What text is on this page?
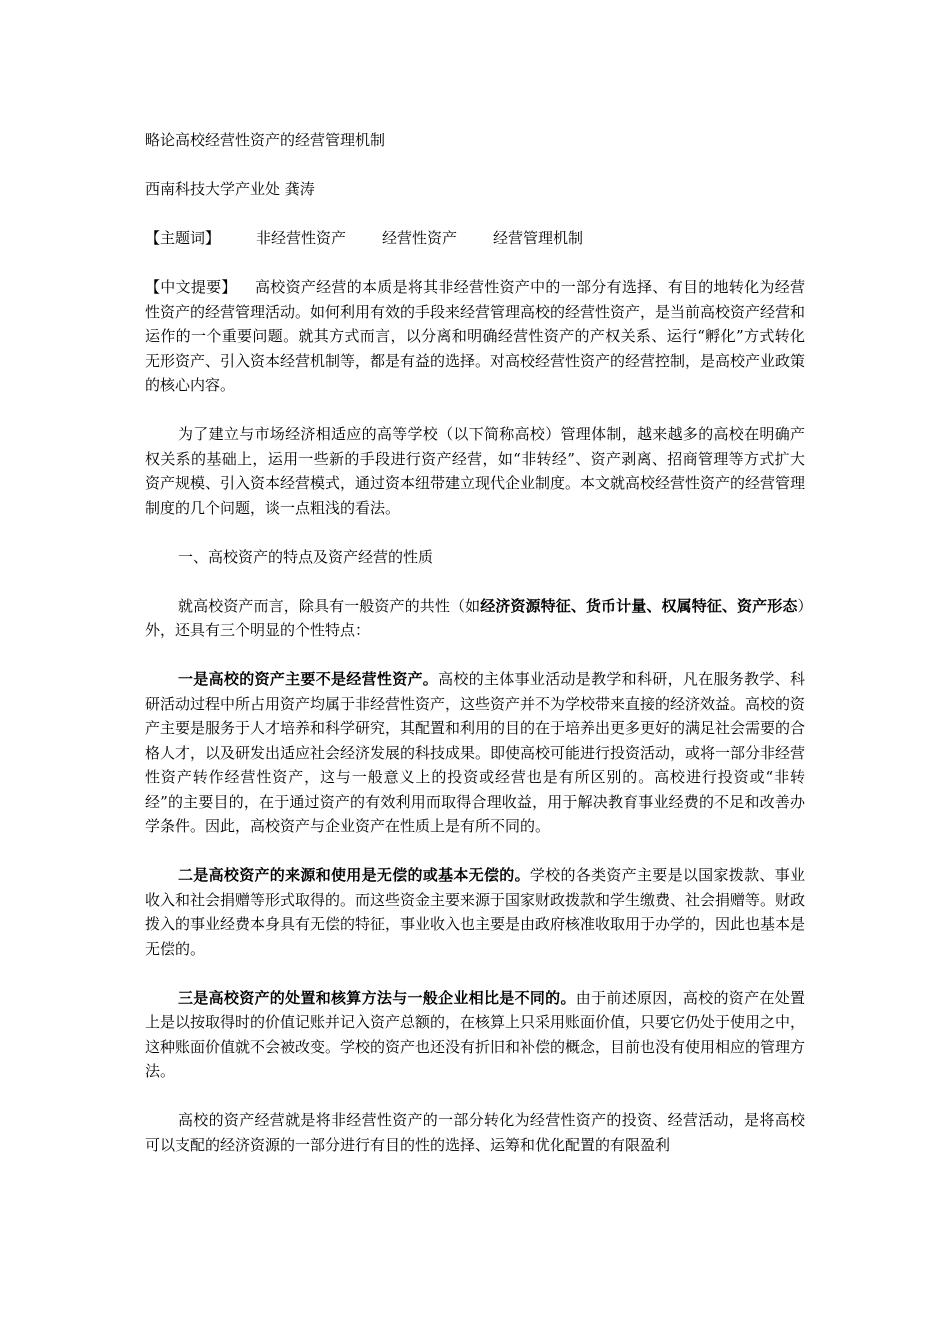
略论高校经营性资产的经营管理机制

西南科技大学产业处 龚涛

【主题词】 非经营性资产 经营性资产 经营管理机制

【中文提要】 高校资产经营的本质是将其非经营性资产中的一部分有选择、有目的地转化为经营性资产的经营管理活动。如何利用有效的手段来经营管理高校的经营性资产，是当前高校资产经营和运作的一个重要问题。就其方式而言，以分离和明确经营性资产的产权关系、运行“孵化”方式转化无形资产、引入资本经营机制等，都是有益的选择。对高校经营性资产的经营控制，是高校产业政策的核心内容。

为了建立与市场经济相适应的高等学校（以下简称高校）管理体制，越来越多的高校在明确产权关系的基础上，运用一些新的手段进行资产经营，如“非转经”、资产剥离、招商管理等方式扩大资产规模、引入资本经营模式，通过资本纽带建立现代企业制度。本文就高校经营性资产的经营管理制度的几个问题，谈一点粗浅的看法。

一、高校资产的特点及资产经营的性质

就高校资产而言，除具有一般资产的共性（如经济资源特征、货币计量、权属特征、资产形态）外，还具有三个明显的个性特点：

一是高校的资产主要不是经营性资产。高校的主体事业活动是教学和科研，凡在服务教学、科研活动过程中所占用资产均属于非经营性资产，这些资产并不为学校带来直接的经济效益。高校的资产主要是服务于人才培养和科学研究，其配置和利用的目的在于培养出更多更好的满足社会需要的合格人才，以及研发出适应社会经济发展的科技成果。即使高校可能进行投资活动，或将一部分非经营性资产转作经营性资产，这与一般意义上的投资或经营也是有所区别的。高校进行投资或“非转经”的主要目的，在于通过资产的有效利用而取得合理收益，用于解决教育事业经费的不足和改善办学条件。因此，高校资产与企业资产在性质上是有所不同的。

二是高校资产的来源和使用是无偿的或基本无偿的。学校的各类资产主要是以国家拨款、事业收入和社会捐赠等形式取得的。而这些资金主要来源于国家财政拨款和学生缴费、社会捐赠等。财政拨入的事业经费本身具有无偿的特征，事业收入也主要是由政府核准收取用于办学的，因此也基本是无偿的。

三是高校资产的处置和核算方法与一般企业相比是不同的。由于前述原因，高校的资产在处置上是以按取得时的价值记账并记入资产总额的，在核算上只采用账面价值，只要它仍处于使用之中，这种账面价值就不会被改变。学校的资产也还没有折旧和补偿的概念，目前也没有使用相应的管理方法。

高校的资产经营就是将非经营性资产的一部分转化为经营性资产的投资、经营活动，是将高校可以支配的经济资源的一部分进行有目的性的选择、运筹和优化配置的有限盈利
